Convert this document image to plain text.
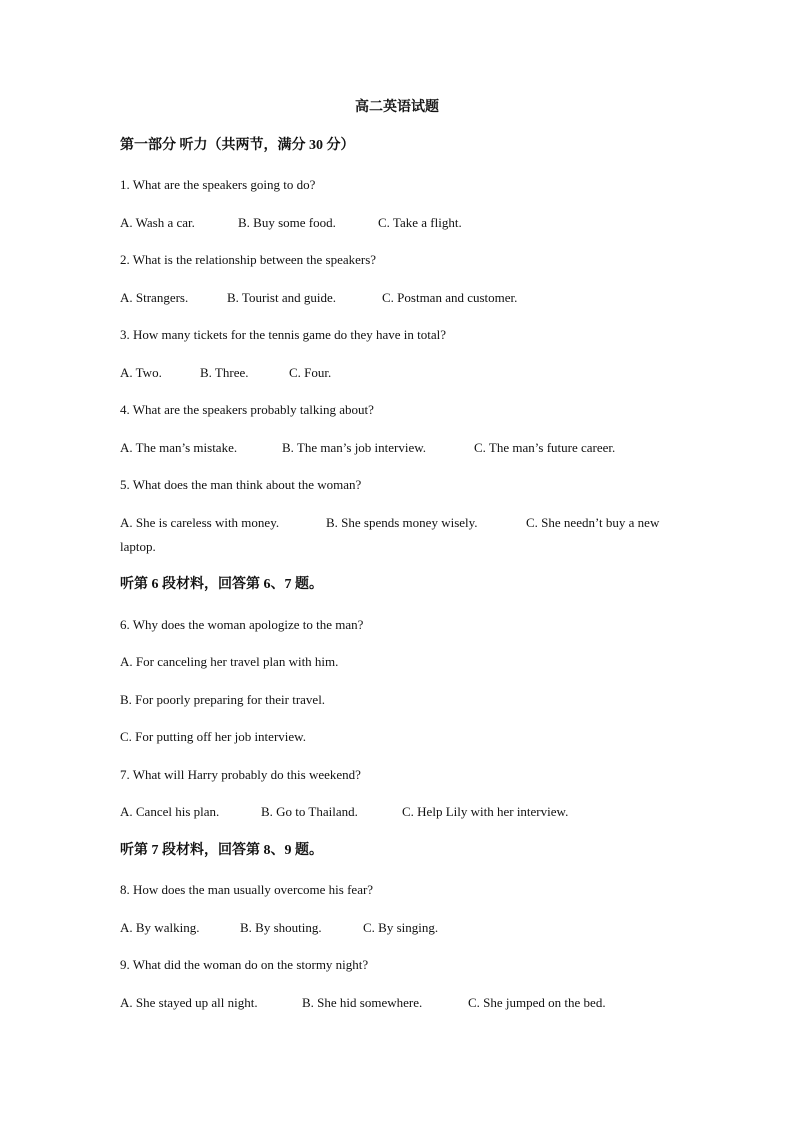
高二英语试题
第一部分 听力（共两节，满分 30 分）
1. What are the speakers going to do?
A. Wash a car.	B. Buy some food.	C. Take a flight.
2. What is the relationship between the speakers?
A. Strangers.	B. Tourist and guide.	C. Postman and customer.
3. How many tickets for the tennis game do they have in total?
A. Two.	B. Three.	C. Four.
4. What are the speakers probably talking about?
A. The man’s mistake.	B. The man’s job interview.	C. The man’s future career.
5. What does the man think about the woman?
A. She is careless with money.	B. She spends money wisely.	C. She needn’t buy a new
laptop.
听第 6 段材料，回答第 6、7 题。
6. Why does the woman apologize to the man?
A. For canceling her travel plan with him.
B. For poorly preparing for their travel.
C. For putting off her job interview.
7. What will Harry probably do this weekend?
A. Cancel his plan.	B. Go to Thailand.	C. Help Lily with her interview.
听第 7 段材料，回答第 8、9 题。
8. How does the man usually overcome his fear?
A. By walking.	B. By shouting.	C. By singing.
9. What did the woman do on the stormy night?
A. She stayed up all night.	B. She hid somewhere.	C. She jumped on the bed.
